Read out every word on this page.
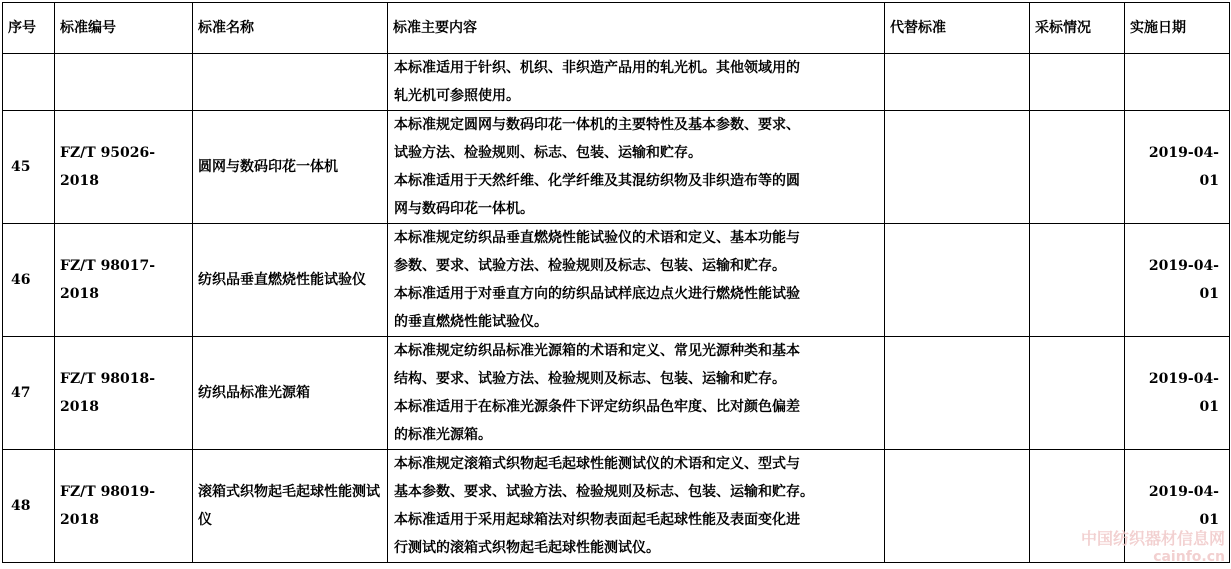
序号	标准编号	标准名称	标准主要内容	代替标准	采标情况	实施日期

			本标准适用于针织、机织、非织造产品用的轧光机。其他领域用的
轧光机可参照使用。			

45	FZ/T 95026-2018	圆网与数码印花一体机	本标准规定圆网与数码印花一体机的主要特性及基本参数、要求、
试验方法、检验规则、标志、包装、运输和贮存。
本标准适用于天然纤维、化学纤维及其混纺织物及非织造布等的圆
网与数码印花一体机。			2019-04-01
46	FZ/T 98017-2018	纺织品垂直燃烧性能试验仪	本标准规定纺织品垂直燃烧性能试验仪的术语和定义、基本功能与
参数、要求、试验方法、检验规则及标志、包装、运输和贮存。
本标准适用于对垂直方向的纺织品试样底边点火进行燃烧性能试验
的垂直燃烧性能试验仪。			2019-04-01
47	FZ/T 98018-2018	纺织品标准光源箱	本标准规定纺织品标准光源箱的术语和定义、常见光源种类和基本
结构、要求、试验方法、检验规则及标志、包装、运输和贮存。
本标准适用于在标准光源条件下评定纺织品色牢度、比对颜色偏差
的标准光源箱。			2019-04-01
48	FZ/T 98019-2018	滚箱式织物起毛起球性能测试仪	本标准规定滚箱式织物起毛起球性能测试仪的术语和定义、型式与
基本参数、要求、试验方法、检验规则及标志、包装、运输和贮存。
本标准适用于采用起球箱法对织物表面起毛起球性能及表面变化进
行测试的滚箱式织物起毛起球性能测试仪。			2019-04-01
中国纺织器材信息网
cainfo.cn
